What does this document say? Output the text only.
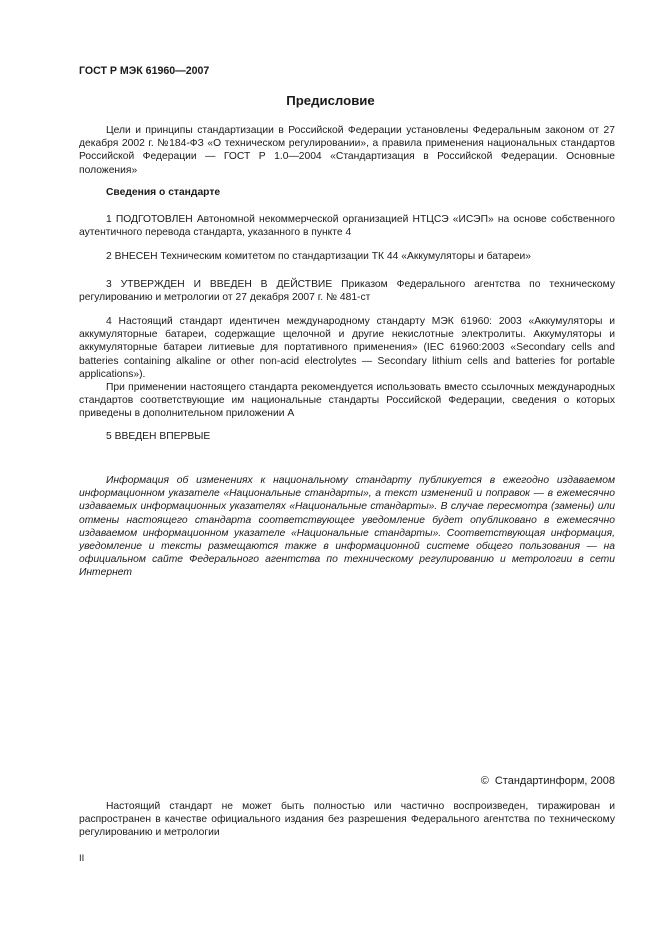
ГОСТ Р МЭК 61960—2007
Предисловие

Цели и принципы стандартизации в Российской Федерации установлены Федеральным законом от 27 декабря 2002 г. №184-ФЗ «О техническом регулировании», а правила применения национальных стандартов Российской Федерации — ГОСТ Р 1.0—2004 «Стандартизация в Российской Федерации. Основные положения»

Сведения о стандарте

1 ПОДГОТОВЛЕН Автономной некоммерческой организацией НТЦСЭ «ИСЭП» на основе собственного аутентичного перевода стандарта, указанного в пункте 4

2 ВНЕСЕН Техническим комитетом по стандартизации ТК 44 «Аккумуляторы и батареи»

3 УТВЕРЖДЕН И ВВЕДЕН В ДЕЙСТВИЕ Приказом Федерального агентства по техническому регулированию и метрологии от 27 декабря 2007 г. № 481-ст

4 Настоящий стандарт идентичен международному стандарту МЭК 61960: 2003 «Аккумуляторы и аккумуляторные батареи, содержащие щелочной и другие некислотные электролиты. Аккумуляторы и аккумуляторные батареи литиевые для портативного применения» (IEC 61960:2003 «Secondary cells and batteries containing alkaline or other non-acid electrolytes — Secondary lithium cells and batteries for portable applications»).

При применении настоящего стандарта рекомендуется использовать вместо ссылочных международных стандартов соответствующие им национальные стандарты Российской Федерации, сведения о которых приведены в дополнительном приложении А

5 ВВЕДЕН ВПЕРВЫЕ

Информация об изменениях к национальному стандарту публикуется в ежегодно издаваемом информационном указателе «Национальные стандарты», а текст изменений и поправок — в ежемесячно издаваемых информационных указателях «Национальные стандарты». В случае пересмотра (замены) или отмены настоящего стандарта соответствующее уведомление будет опубликовано в ежемесячно издаваемом информационном указателе «Национальные стандарты». Соответствующая информация, уведомление и тексты размещаются также в информационной системе общего пользования — на официальном сайте Федерального агентства по техническому регулированию и метрологии в сети Интернет

© Стандартинформ, 2008

Настоящий стандарт не может быть полностью или частично воспроизведен, тиражирован и распространен в качестве официального издания без разрешения Федерального агентства по техническому регулированию и метрологии

II
